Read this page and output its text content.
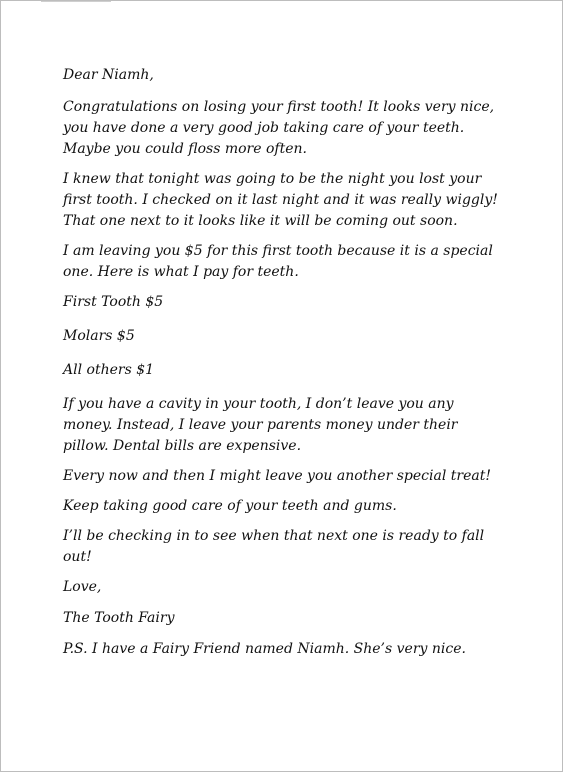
Dear Niamh,

Congratulations on losing your first tooth! It looks very nice, you have done a very good job taking care of your teeth. Maybe you could floss more often.

I knew that tonight was going to be the night you lost your first tooth. I checked on it last night and it was really wiggly! That one next to it looks like it will be coming out soon.

I am leaving you $5 for this first tooth because it is a special one. Here is what I pay for teeth.

First Tooth $5

Molars $5

All others $1

If you have a cavity in your tooth, I don’t leave you any money. Instead, I leave your parents money under their pillow. Dental bills are expensive.

Every now and then I might leave you another special treat!

Keep taking good care of your teeth and gums.

I’ll be checking in to see when that next one is ready to fall out!

Love,

The Tooth Fairy

P.S. I have a Fairy Friend named Niamh. She’s very nice.
